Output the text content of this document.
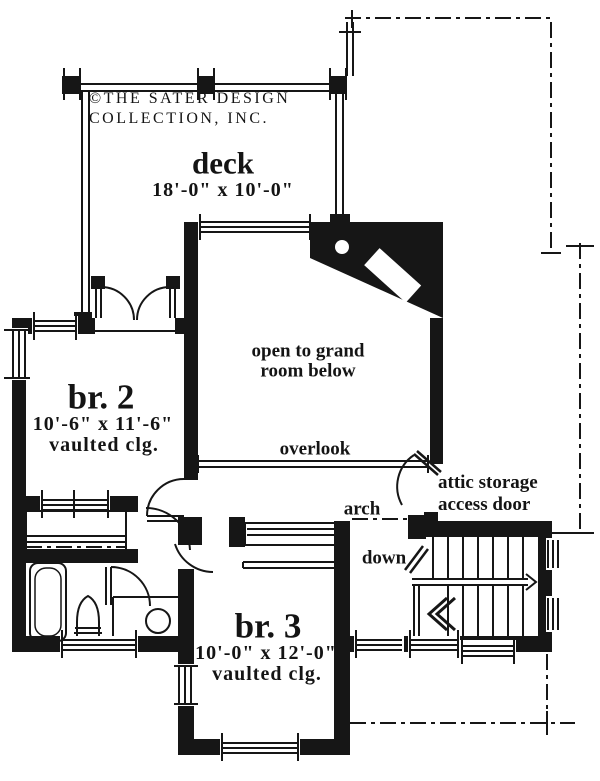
©THE SATER DESIGN
COLLECTION, INC.
deck
18'-0" x 10'-0"
open to grand
room below
br. 2
10'-6" x 11'-6"
vaulted clg.	overlook
attic storage
access door
arch
down
br. 3
10'-0" x 12'-0"
vaulted clg.
